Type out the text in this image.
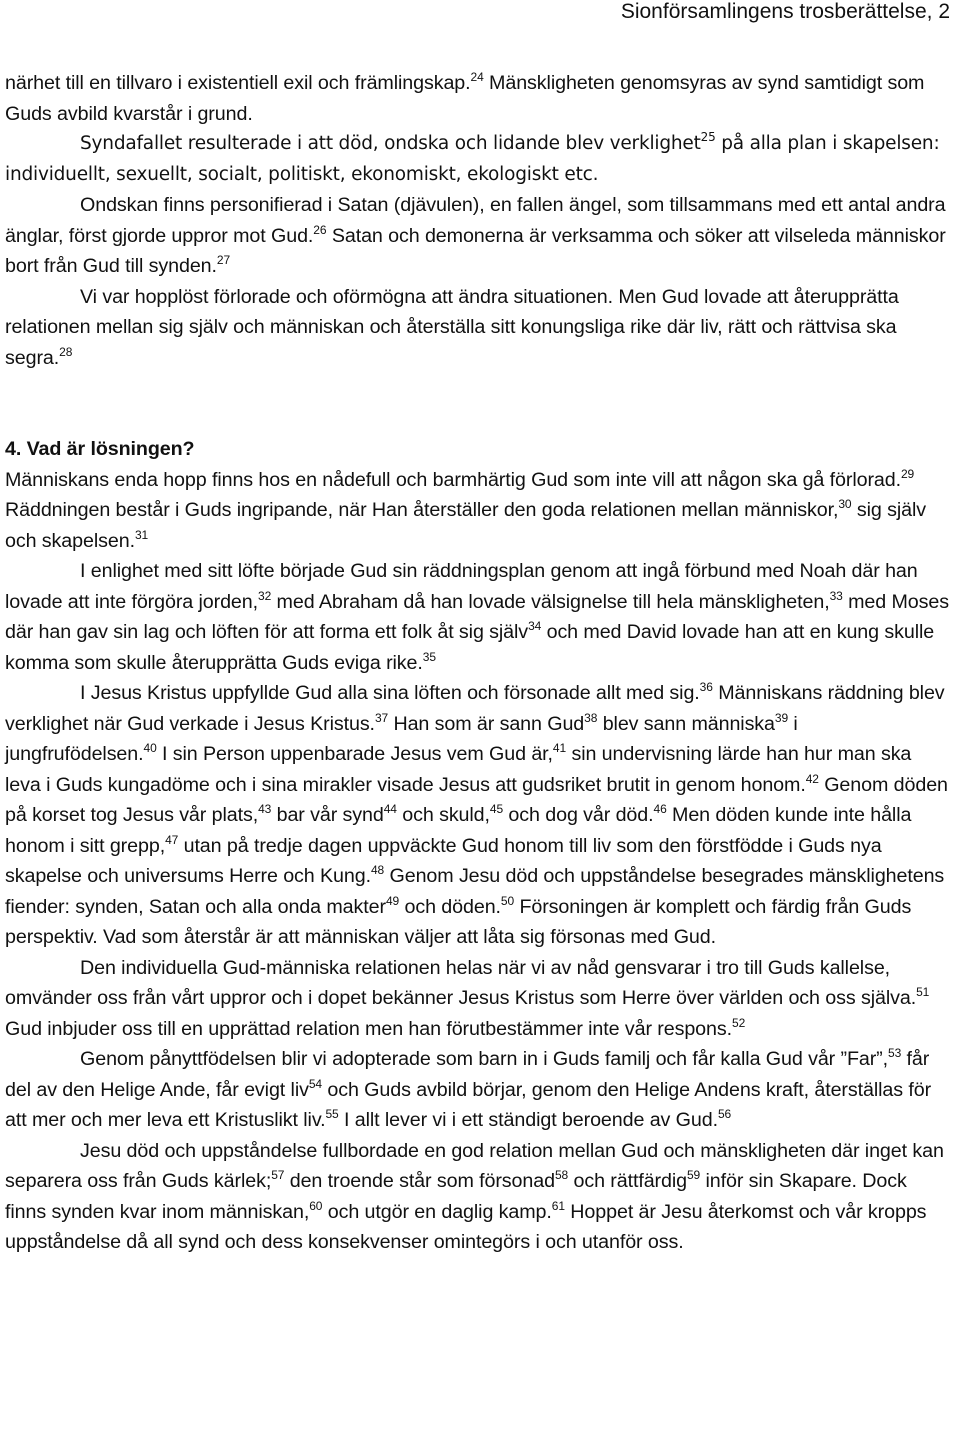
Sionförsamlingens trosberättelse, 2

närhet till en tillvaro i existentiell exil och främlingskap.$^{24}$ Mänskligheten genomsyras av synd samtidigt som Guds avbild kvarstår i grund.

Syndafallet resulterade i att död, ondska och lidande blev verklighet$^{25}$ på alla plan i skapelsen: individuellt, sexuellt, socialt, politiskt, ekonomiskt, ekologiskt etc.

Ondskan finns personifierad i Satan (djävulen), en fallen ängel, som tillsammans med ett antal andra änglar, först gjorde uppror mot Gud.$^{26}$ Satan och demonerna är verksamma och söker att vilseleda människor bort från Gud till synden.$^{27}$

Vi var hopplöst förlorade och oförmögna att ändra situationen. Men Gud lovade att återupprätta relationen mellan sig själv och människan och återställa sitt konungsliga rike där liv, rätt och rättvisa ska segra.$^{28}$

4. Vad är lösningen?

Människans enda hopp finns hos en nådefull och barmhärtig Gud som inte vill att någon ska gå förlorad.$^{29}$ Räddningen består i Guds ingripande, när Han återställer den goda relationen mellan människor,$^{30}$ sig själv och skapelsen.$^{31}$

I enlighet med sitt löfte började Gud sin räddningsplan genom att ingå förbund med Noah där han lovade att inte förgöra jorden,$^{32}$ med Abraham då han lovade välsignelse till hela mänskligheten,$^{33}$ med Moses där han gav sin lag och löften för att forma ett folk åt sig själv$^{34}$ och med David lovade han att en kung skulle komma som skulle återupprätta Guds eviga rike.$^{35}$

I Jesus Kristus uppfyllde Gud alla sina löften och försonade allt med sig.$^{36}$ Människans räddning blev verklighet när Gud verkade i Jesus Kristus.$^{37}$ Han som är sann Gud$^{38}$ blev sann människa$^{39}$ i jungfrufödelsen.$^{40}$ I sin Person uppenbarade Jesus vem Gud är,$^{41}$ sin undervisning lärde han hur man ska leva i Guds kungadöme och i sina mirakler visade Jesus att gudsriket brutit in genom honom.$^{42}$ Genom döden på korset tog Jesus vår plats,$^{43}$ bar vår synd$^{44}$ och skuld,$^{45}$ och dog vår död.$^{46}$ Men döden kunde inte hålla honom i sitt grepp,$^{47}$ utan på tredje dagen uppväckte Gud honom till liv som den förstfödde i Guds nya skapelse och universums Herre och Kung.$^{48}$ Genom Jesu död och uppståndelse besegrades mänsklighetens fiender: synden, Satan och alla onda makter$^{49}$ och döden.$^{50}$ Försoningen är komplett och färdig från Guds perspektiv. Vad som återstår är att människan väljer att låta sig försonas med Gud.

Den individuella Gud-människa relationen helas när vi av nåd gensvarar i tro till Guds kallelse, omvänder oss från vårt uppror och i dopet bekänner Jesus Kristus som Herre över världen och oss själva.$^{51}$ Gud inbjuder oss till en upprättad relation men han förutbestämmer inte vår respons.$^{52}$

Genom pånyttfödelsen blir vi adopterade som barn in i Guds familj och får kalla Gud vår ”Far”,$^{53}$ får del av den Helige Ande, får evigt liv$^{54}$ och Guds avbild börjar, genom den Helige Andens kraft, återställas för att mer och mer leva ett Kristuslikt liv.$^{55}$ I allt lever vi i ett ständigt beroende av Gud.$^{56}$

Jesu död och uppståndelse fullbordade en god relation mellan Gud och mänskligheten där inget kan separera oss från Guds kärlek;$^{57}$ den troende står som försonad$^{58}$ och rättfärdig$^{59}$ inför sin Skapare. Dock finns synden kvar inom människan,$^{60}$ och utgör en daglig kamp.$^{61}$ Hoppet är Jesu återkomst och vår kropps uppståndelse då all synd och dess konsekvenser omintegörs i och utanför oss.
